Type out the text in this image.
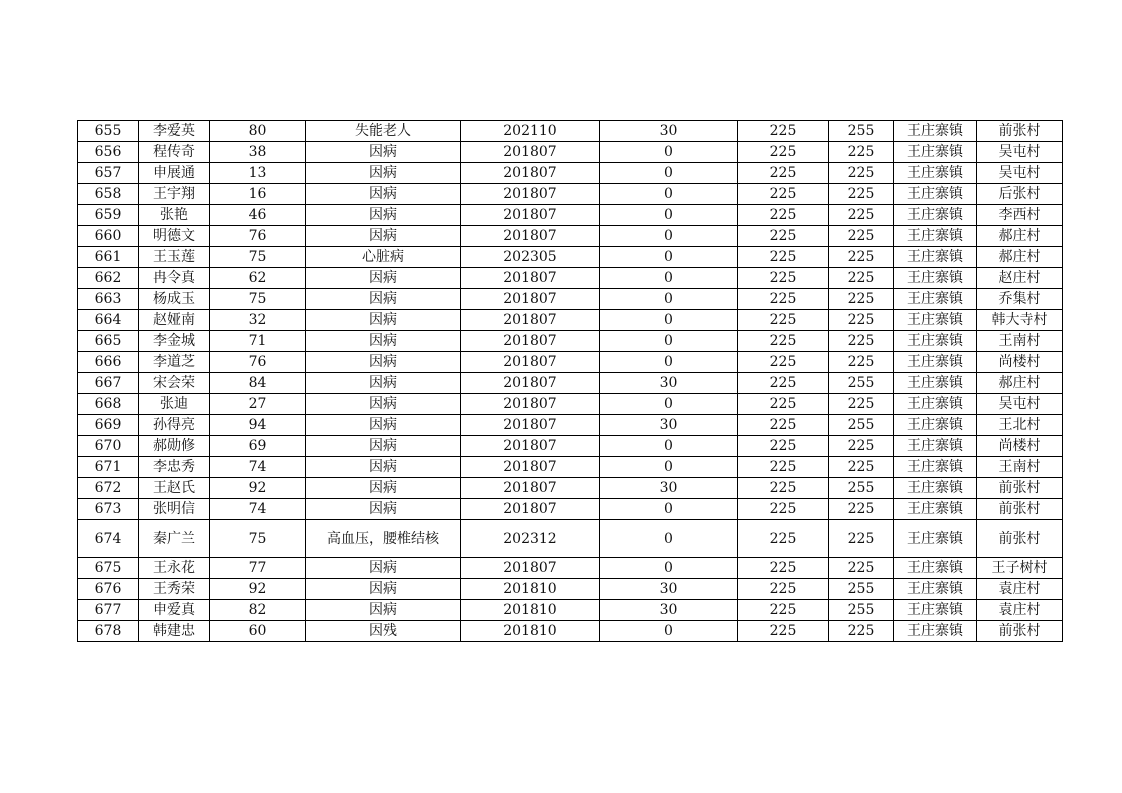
655	李爱英	80	失能老人	202110	30	225	255	王庄寨镇	前张村
656	程传奇	38	因病	201807	0	225	225	王庄寨镇	吴屯村
657	申展通	13	因病	201807	0	225	225	王庄寨镇	吴屯村
658	王宇翔	16	因病	201807	0	225	225	王庄寨镇	后张村
659	张艳	46	因病	201807	0	225	225	王庄寨镇	李西村
660	明德文	76	因病	201807	0	225	225	王庄寨镇	郝庄村
661	王玉莲	75	心脏病	202305	0	225	225	王庄寨镇	郝庄村
662	冉令真	62	因病	201807	0	225	225	王庄寨镇	赵庄村
663	杨成玉	75	因病	201807	0	225	225	王庄寨镇	乔集村
664	赵娅南	32	因病	201807	0	225	225	王庄寨镇	韩大寺村
665	李金城	71	因病	201807	0	225	225	王庄寨镇	王南村
666	李道芝	76	因病	201807	0	225	225	王庄寨镇	尚楼村
667	宋会荣	84	因病	201807	30	225	255	王庄寨镇	郝庄村
668	张迪	27	因病	201807	0	225	225	王庄寨镇	吴屯村
669	孙得亮	94	因病	201807	30	225	255	王庄寨镇	王北村
670	郝勋修	69	因病	201807	0	225	225	王庄寨镇	尚楼村
671	李忠秀	74	因病	201807	0	225	225	王庄寨镇	王南村
672	王赵氏	92	因病	201807	30	225	255	王庄寨镇	前张村
673	张明信	74	因病	201807	0	225	225	王庄寨镇	前张村
674	秦广兰	75	高血压，腰椎结核	202312	0	225	225	王庄寨镇	前张村
675	王永花	77	因病	201807	0	225	225	王庄寨镇	王子树村
676	王秀荣	92	因病	201810	30	225	255	王庄寨镇	袁庄村
677	申爱真	82	因病	201810	30	225	255	王庄寨镇	袁庄村
678	韩建忠	60	因残	201810	0	225	225	王庄寨镇	前张村
